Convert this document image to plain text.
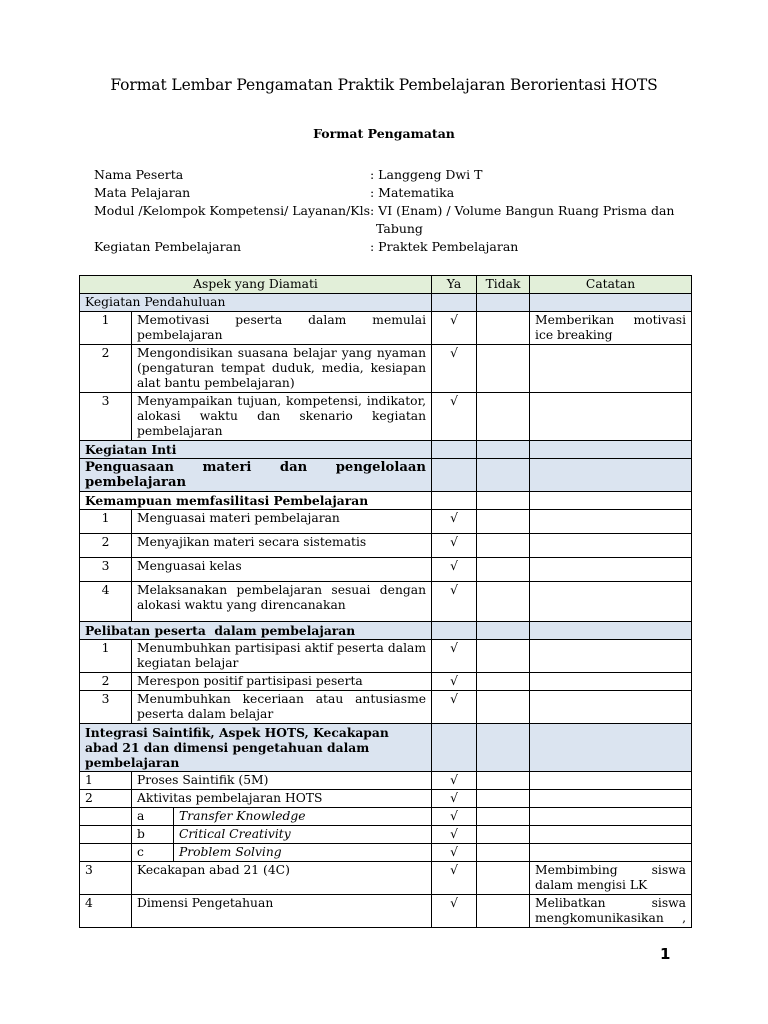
Format Lembar Pengamatan Praktik Pembelajaran Berorientasi HOTS
Format Pengamatan
Nama Peserta	: Langgeng Dwi T
Mata Pelajaran	: Matematika
Modul /Kelompok Kompetensi/ Layanan/Kls : VI (Enam) / Volume Bangun Ruang Prisma dan
Tabung
Kegiatan Pembelajaran	: Praktek Pembelajaran
Aspek yang Diamati		Ya	Tidak	Catatan
Kegiatan Pendahuluan				
1	Memotivasi peserta dalam memulai pembelajaran	√		Memberikan motivasi ice breaking
2	Mengondisikan suasana belajar yang nyaman (pengaturan tempat duduk, media, kesiapan alat bantu pembelajaran)	√		
3	Menyampaikan tujuan, kompetensi, indikator, alokasi waktu dan skenario kegiatan pembelajaran	√		
Kegiatan Inti				
Penguasaan materi dan pengelolaan pembelajaran				
Kemampuan memfasilitasi Pembelajaran				
1	Menguasai materi pembelajaran	√		
2	Menyajikan materi secara sistematis	√		
3	Menguasai kelas	√		
4	Melaksanakan pembelajaran sesuai dengan alokasi waktu yang direncanakan	√		
Pelibatan peserta  dalam pembelajaran				
1	Menumbuhkan partisipasi aktif peserta dalam kegiatan belajar	√		
2	Merespon positif partisipasi peserta	√		
3	Menumbuhkan keceriaan atau antusiasme peserta dalam belajar	√		
Integrasi Saintifik, Aspek HOTS, Kecakapan abad 21 dan dimensi pengetahuan dalam pembelajaran				
1	Proses Saintifik (5M)	√		
2	Aktivitas pembelajaran HOTS	√		

	a Transfer Knowledge	√		

	b Critical Creativity	√		

	c Problem Solving	√		
3	Kecakapan abad 21 (4C)	√		Membimbing siswa dalam mengisi LK
4	Dimensi Pengetahuan	√		Melibatkan siswa mengkomunikasikan ,
1
